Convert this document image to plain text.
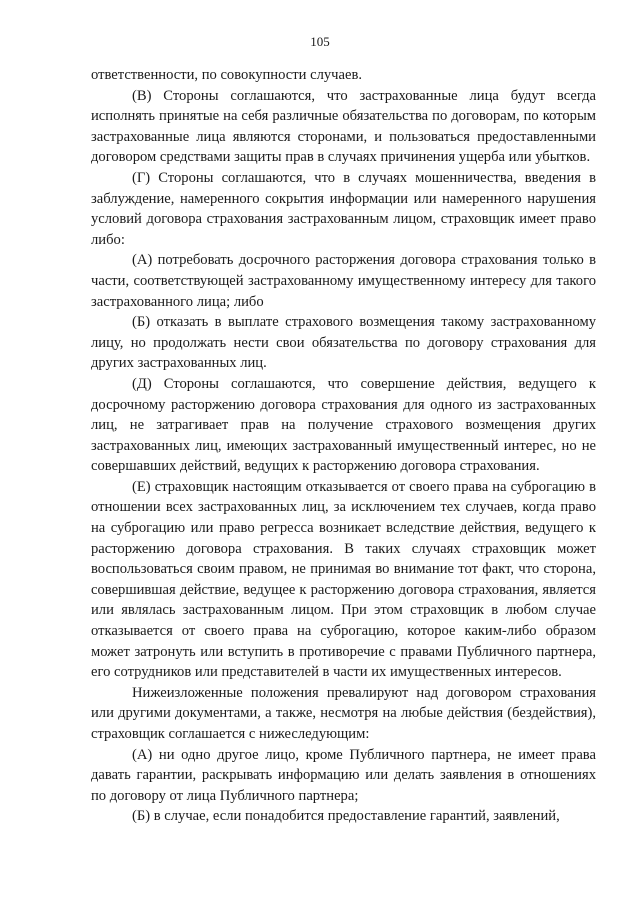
105

ответственности, по совокупности случаев.

(В) Стороны соглашаются, что застрахованные лица будут всегда исполнять принятые на себя различные обязательства по договорам, по которым застрахованные лица являются сторонами, и пользоваться предоставленными договором средствами защиты прав в случаях причинения ущерба или убытков.

(Г) Стороны соглашаются, что в случаях мошенничества, введения в заблуждение, намеренного сокрытия информации или намеренного нарушения условий договора страхования застрахованным лицом, страховщик имеет право либо:

(А) потребовать досрочного расторжения договора страхования только в части, соответствующей застрахованному имущественному интересу для такого застрахованного лица; либо

(Б) отказать в выплате страхового возмещения такому застрахованному лицу, но продолжать нести свои обязательства по договору страхования для других застрахованных лиц.

(Д) Стороны соглашаются, что совершение действия, ведущего к досрочному расторжению договора страхования для одного из застрахованных лиц, не затрагивает прав на получение страхового возмещения других застрахованных лиц, имеющих застрахованный имущественный интерес, но не совершавших действий, ведущих к расторжению договора страхования.

(Е) страховщик настоящим отказывается от своего права на суброгацию в отношении всех застрахованных лиц, за исключением тех случаев, когда право на суброгацию или право регресса возникает вследствие действия, ведущего к расторжению договора страхования. В таких случаях страховщик может воспользоваться своим правом, не принимая во внимание тот факт, что сторона, совершившая действие, ведущее к расторжению договора страхования, является или являлась застрахованным лицом. При этом страховщик в любом случае отказывается от своего права на суброгацию, которое каким-либо образом может затронуть или вступить в противоречие с правами Публичного партнера, его сотрудников или представителей в части их имущественных интересов.

Нижеизложенные положения превалируют над договором страхования или другими документами, а также, несмотря на любые действия (бездействия), страховщик соглашается с нижеследующим:

(А) ни одно другое лицо, кроме Публичного партнера, не имеет права давать гарантии, раскрывать информацию или делать заявления в отношениях по договору от лица Публичного партнера;

(Б) в случае, если понадобится предоставление гарантий, заявлений,
